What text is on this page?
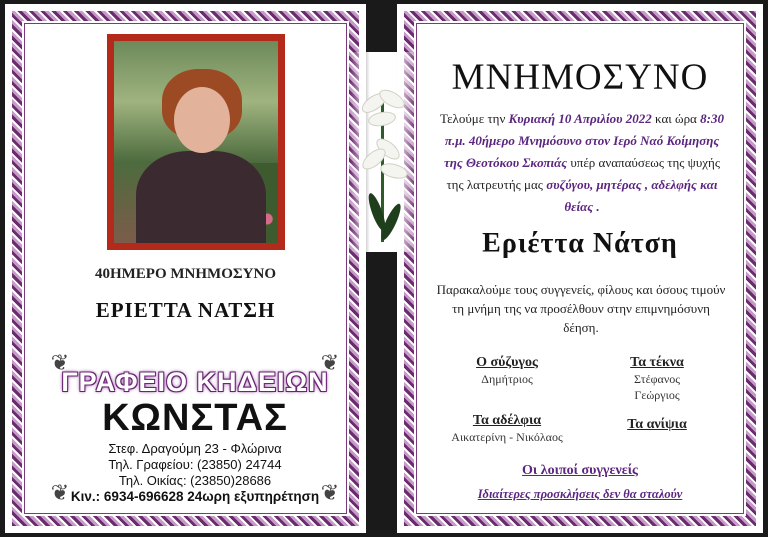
40ΗΜΕΡΟ ΜΝΗΜΟΣΥΝΟ
ΕΡΙΕΤΤΑ ΝΑΤΣΗ
❦	❦
❦	❦
ΓΡΑΦΕΙΟ ΚΗΔΕΙΩΝ
ΚΩΝΣΤΑΣ
Στεφ. Δραγούμη 23 - Φλώρινα
Τηλ. Γραφείου: (23850) 24744
Τηλ. Οικίας: (23850)28686
Κιν.: 6934-696628 24ωρη εξυπηρέτηση
ΜΝΗΜΟΣΥΝΟ
Τελούμε την Κυριακή 10 Απριλίου 2022 και ώρα 8:30 π.μ. 40ήμερο Μνημόσυνο στον Ιερό Ναό Κοίμησης της Θεοτόκου Σκοπιάς υπέρ αναπαύσεως της ψυχής της λατρευτής μας συζύγου, μητέρας , αδελφής και θείας .
Εριέττα Νάτση
Παρακαλούμε τους συγγενείς, φίλους και όσους τιμούν τη μνήμη της να προσέλθουν στην επιμνημόσυνη δέηση.
Ο σύζυγος
Δημήτριος
Τα τέκνα
Στέφανος
Γεώργιος
Τα αδέλφια
Αικατερίνη - Νικόλαος
Τα ανίψια
Οι λοιποί συγγενείς
Ιδιαίτερες προσκλήσεις δεν θα σταλούν
